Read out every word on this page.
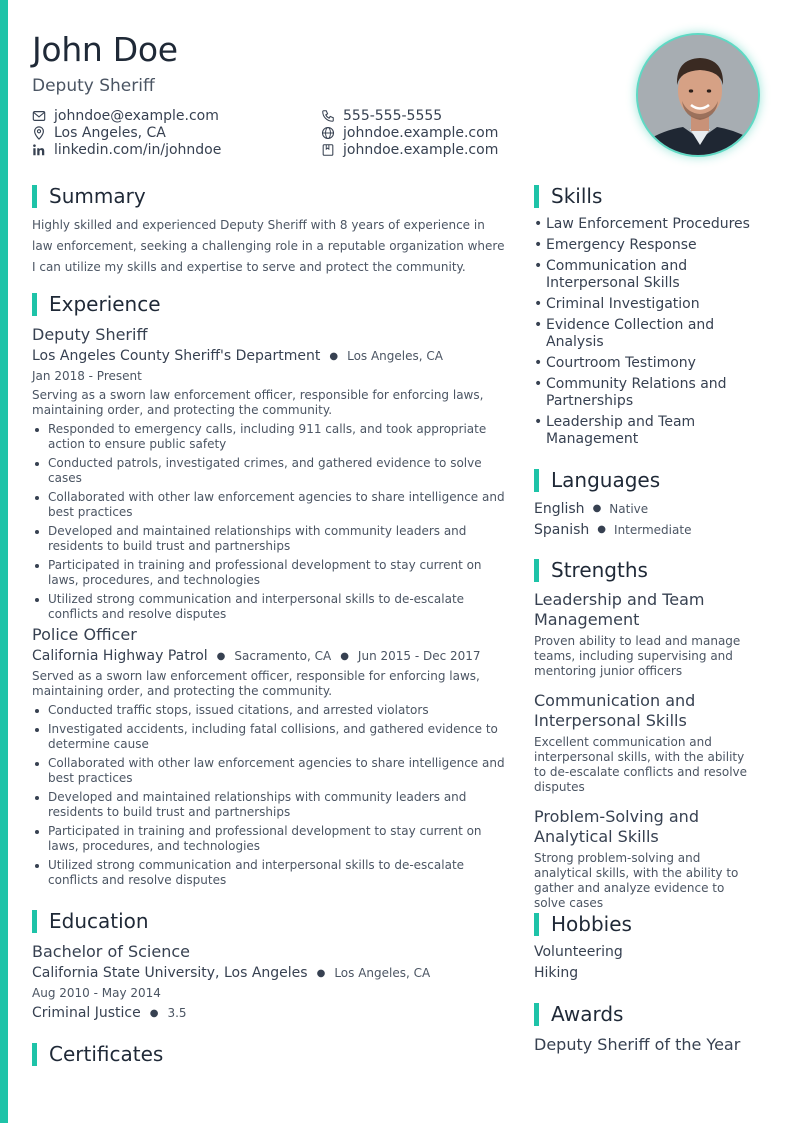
John Doe
Deputy Sheriff
johndoe@example.com	555-555-5555
Los Angeles, CA	johndoe.example.com
linkedin.com/in/johndoe	johndoe.example.com
Summary

Highly skilled and experienced Deputy Sheriff with 8 years of experience in law enforcement, seeking a challenging role in a reputable organization where I can utilize my skills and expertise to serve and protect the community.

Experience
Deputy Sheriff
Los Angeles County Sheriff's Department ● Los Angeles, CA
Jan 2018 - Present

Serving as a sworn law enforcement officer, responsible for enforcing laws, maintaining order, and protecting the community.

Responded to emergency calls, including 911 calls, and took appropriate action to ensure public safety
Conducted patrols, investigated crimes, and gathered evidence to solve cases
Collaborated with other law enforcement agencies to share intelligence and best practices
Developed and maintained relationships with community leaders and residents to build trust and partnerships
Participated in training and professional development to stay current on laws, procedures, and technologies
Utilized strong communication and interpersonal skills to de-escalate conflicts and resolve disputes
Police Officer
California Highway Patrol ● Sacramento, CA ● Jun 2015 - Dec 2017

Served as a sworn law enforcement officer, responsible for enforcing laws, maintaining order, and protecting the community.

Conducted traffic stops, issued citations, and arrested violators
Investigated accidents, including fatal collisions, and gathered evidence to determine cause
Collaborated with other law enforcement agencies to share intelligence and best practices
Developed and maintained relationships with community leaders and residents to build trust and partnerships
Participated in training and professional development to stay current on laws, procedures, and technologies
Utilized strong communication and interpersonal skills to de-escalate conflicts and resolve disputes
Education
Bachelor of Science
California State University, Los Angeles ● Los Angeles, CA
Aug 2010 - May 2014
Criminal Justice ● 3.5
Certificates
Skills
• Law Enforcement Procedures
• Emergency Response
• Communication and Interpersonal Skills
• Criminal Investigation
• Evidence Collection and Analysis
• Courtroom Testimony
• Community Relations and Partnerships
• Leadership and Team Management
Languages
English ● Native
Spanish ● Intermediate
Strengths
Leadership and Team Management
Proven ability to lead and manage teams, including supervising and mentoring junior officers
Communication and Interpersonal Skills
Excellent communication and interpersonal skills, with the ability to de-escalate conflicts and resolve disputes
Problem-Solving and Analytical Skills
Strong problem-solving and analytical skills, with the ability to gather and analyze evidence to solve cases
Hobbies
Volunteering
Hiking
Awards
Deputy Sheriff of the Year
